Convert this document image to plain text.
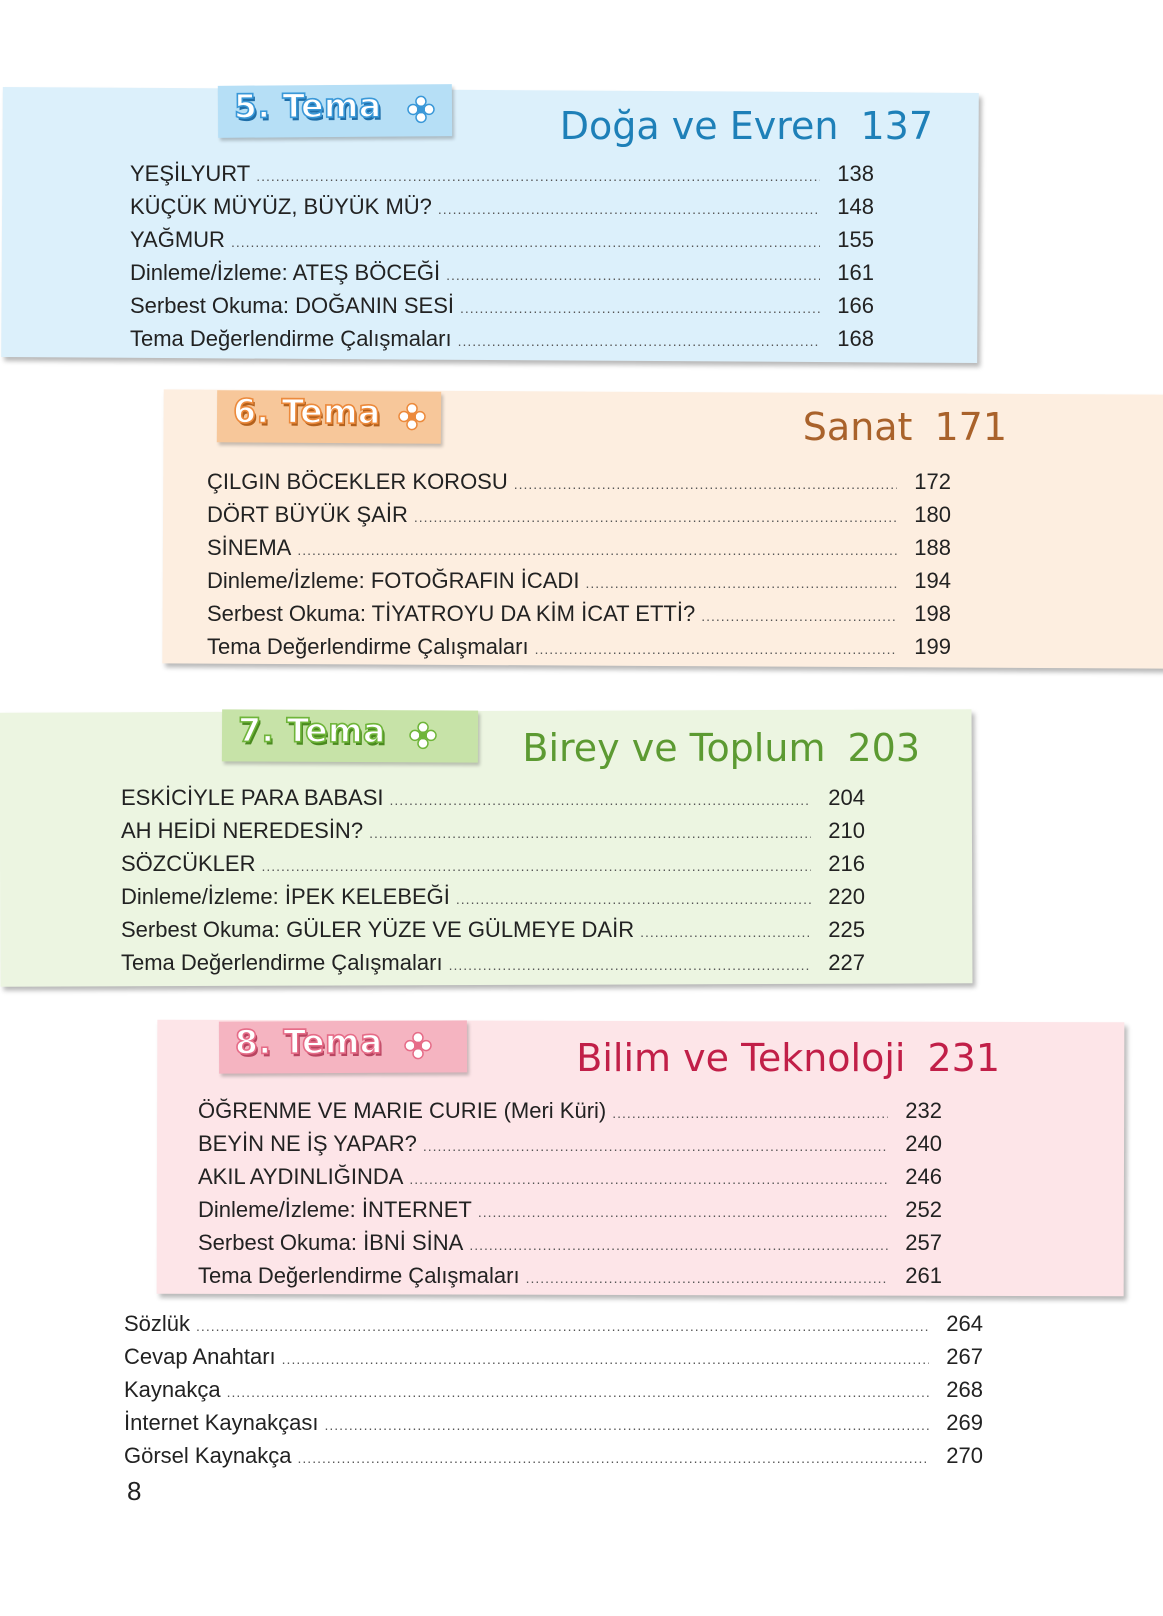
5. Tema	Doğa ve Evren 137
YEŞİLYURT .....	138
KÜÇÜK MÜYÜZ, BÜYÜK MÜ? .....	148
YAĞMUR .....	155
Dinleme/İzleme: ATEŞ BÖCEĞİ .....	161
Serbest Okuma: DOĞANIN SESİ .....	166
Tema Değerlendirme Çalışmaları .....	168
6. Tema	Sanat 171
ÇILGIN BÖCEKLER KOROSU .....	172
DÖRT BÜYÜK ŞAİR .....	180
SİNEMA .....	188
Dinleme/İzleme: FOTOĞRAFIN İCADI .....	194
Serbest Okuma: TİYATROYU DA KİM İCAT ETTİ? .....	198
Tema Değerlendirme Çalışmaları .....	199
7. Tema	Birey ve Toplum 203
ESKİCİYLE PARA BABASI .....	204
AH HEİDİ NEREDESİN? .....	210
SÖZCÜKLER .....	216
Dinleme/İzleme: İPEK KELEBEĞİ .....	220
Serbest Okuma: GÜLER YÜZE VE GÜLMEYE DAİR .....	225
Tema Değerlendirme Çalışmaları .....	227
8. Tema	Bilim ve Teknoloji 231
ÖĞRENME VE MARIE CURIE (Meri Küri) .....	232
BEYİN NE İŞ YAPAR? .....	240
AKIL AYDINLIĞINDA .....	246
Dinleme/İzleme: İNTERNET .....	252
Serbest Okuma: İBNİ SİNA .....	257
Tema Değerlendirme Çalışmaları .....	261
Sözlük .....	264
Cevap Anahtarı .....	267
Kaynakça .....	268
İnternet Kaynakçası .....	269
Görsel Kaynakça .....	270
8
